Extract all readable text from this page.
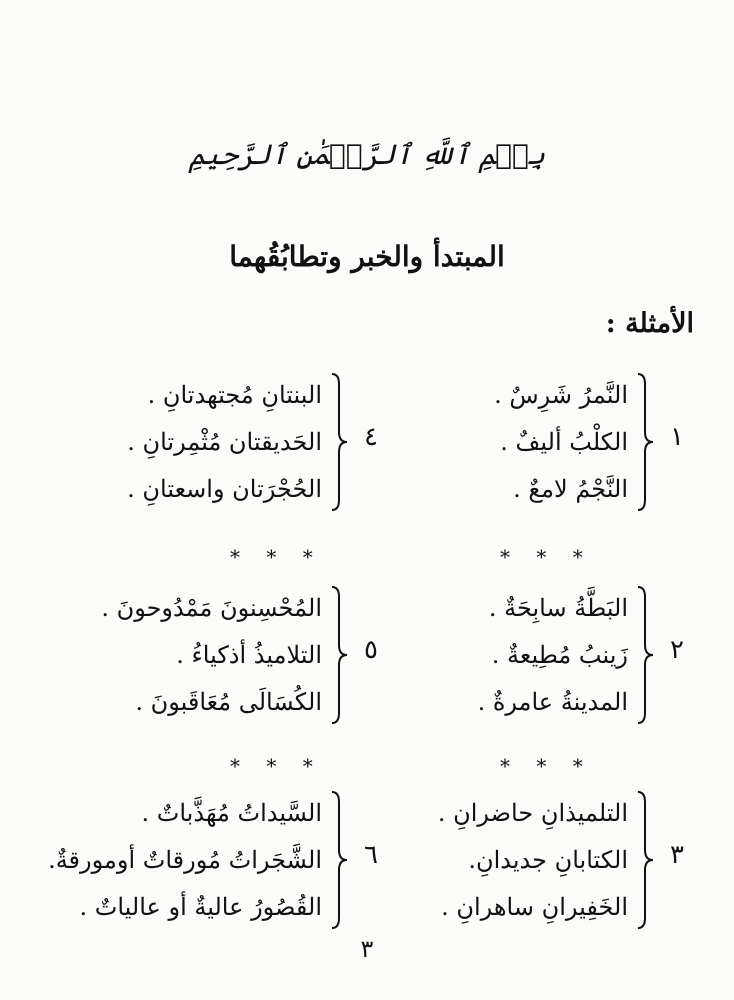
بِسۡمِ ٱللَّهِ ٱلرَّحۡمَٰنِ ٱلرَّحِيمِ
المبتدأ والخبر وتطابُقُهما
الأمثلة :
١
النَّمرُ شَرِسٌ .
الكلْبُ أليفٌ .
النَّجْمُ لامعٌ .
٢
البَطَّةُ سابِحَةٌ .
زَينبُ مُطِيعةٌ .
المدينةُ عامرةٌ .
٣
التلميذانِ حاضرانِ .
الكتابانِ جديدانِ.
الخَفِيرانِ ساهرانِ .
٤
البنتانِ مُجتهدتانِ .
الحَديقتان مُثْمِرتانِ .
الحُجْرَتان واسعتانِ .
٥
المُحْسِنونَ مَمْدُوحونَ .
التلاميذُ أذكياءُ .
الكُسَالَى مُعَاقَبونَ .
٦
السَّيداتُ مُهَذَّباتٌ .
الشَّجَراتُ مُورقاتٌ أومورقةٌ.
القُصُورُ عاليةٌ أو عالياتٌ .
* * *
* * *
* * *
* * *
٣
